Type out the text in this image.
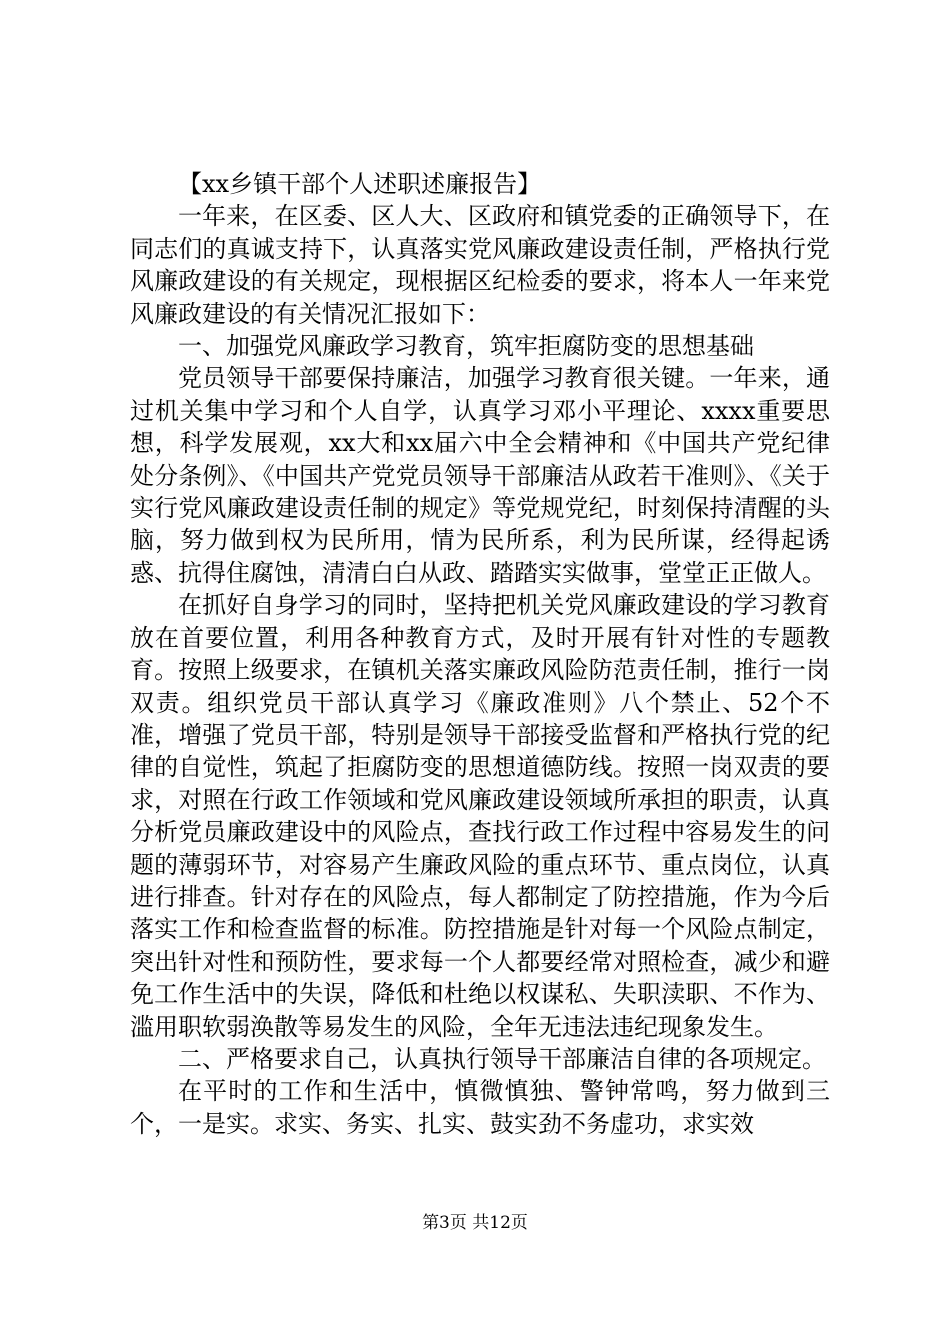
【xx乡镇干部个人述职述廉报告】

一年来，在区委、区人大、区政府和镇党委的正确领导下，在同志们的真诚支持下，认真落实党风廉政建设责任制，严格执行党风廉政建设的有关规定，现根据区纪检委的要求，将本人一年来党风廉政建设的有关情况汇报如下：

一、加强党风廉政学习教育，筑牢拒腐防变的思想基础

党员领导干部要保持廉洁，加强学习教育很关键。一年来，通过机关集中学习和个人自学，认真学习邓小平理论、xxxx重要思想，科学发展观，xx大和xx届六中全会精神和《中国共产党纪律处分条例》、《中国共产党党员领导干部廉洁从政若干准则》、《关于实行党风廉政建设责任制的规定》等党规党纪，时刻保持清醒的头脑，努力做到权为民所用，情为民所系，利为民所谋，经得起诱惑、抗得住腐蚀，清清白白从政、踏踏实实做事，堂堂正正做人。

在抓好自身学习的同时，坚持把机关党风廉政建设的学习教育放在首要位置，利用各种教育方式，及时开展有针对性的专题教育。按照上级要求，在镇机关落实廉政风险防范责任制，推行一岗双责。组织党员干部认真学习《廉政准则》八个禁止、52个不准，增强了党员干部，特别是领导干部接受监督和严格执行党的纪律的自觉性，筑起了拒腐防变的思想道德防线。按照一岗双责的要求，对照在行政工作领域和党风廉政建设领域所承担的职责，认真分析党员廉政建设中的风险点，查找行政工作过程中容易发生的问题的薄弱环节，对容易产生廉政风险的重点环节、重点岗位，认真进行排查。针对存在的风险点，每人都制定了防控措施，作为今后落实工作和检查监督的标准。防控措施是针对每一个风险点制定，突出针对性和预防性，要求每一个人都要经常对照检查，减少和避免工作生活中的失误，降低和杜绝以权谋私、失职渎职、不作为、滥用职软弱涣散等易发生的风险，全年无违法违纪现象发生。

二、严格要求自己，认真执行领导干部廉洁自律的各项规定。

在平时的工作和生活中，慎微慎独、警钟常鸣，努力做到三个，一是实。求实、务实、扎实、鼓实劲不务虚功，求实效

第3页 共12页
